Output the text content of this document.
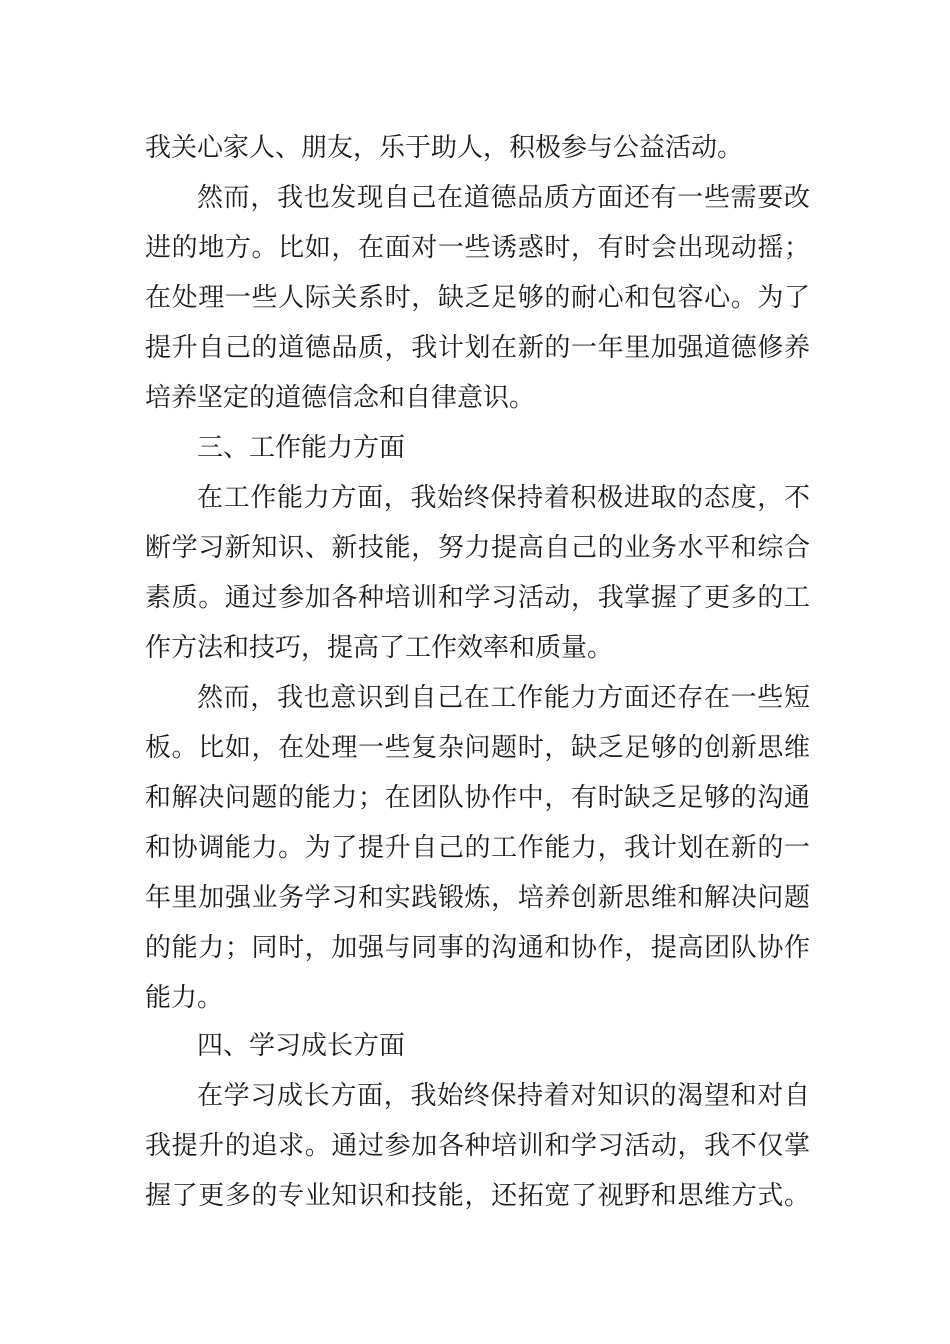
我关心家人、朋友，乐于助人，积极参与公益活动。
然而，我也发现自己在道德品质方面还有一些需要改
进的地方。比如，在面对一些诱惑时，有时会出现动摇；
在处理一些人际关系时，缺乏足够的耐心和包容心。为了
提升自己的道德品质，我计划在新的一年里加强道德修养
培养坚定的道德信念和自律意识。
三、工作能力方面
在工作能力方面，我始终保持着积极进取的态度，不
断学习新知识、新技能，努力提高自己的业务水平和综合
素质。通过参加各种培训和学习活动，我掌握了更多的工
作方法和技巧，提高了工作效率和质量。
然而，我也意识到自己在工作能力方面还存在一些短
板。比如，在处理一些复杂问题时，缺乏足够的创新思维
和解决问题的能力；在团队协作中，有时缺乏足够的沟通
和协调能力。为了提升自己的工作能力，我计划在新的一
年里加强业务学习和实践锻炼，培养创新思维和解决问题
的能力；同时，加强与同事的沟通和协作，提高团队协作
能力。
四、学习成长方面
在学习成长方面，我始终保持着对知识的渴望和对自
我提升的追求。通过参加各种培训和学习活动，我不仅掌
握了更多的专业知识和技能，还拓宽了视野和思维方式。
